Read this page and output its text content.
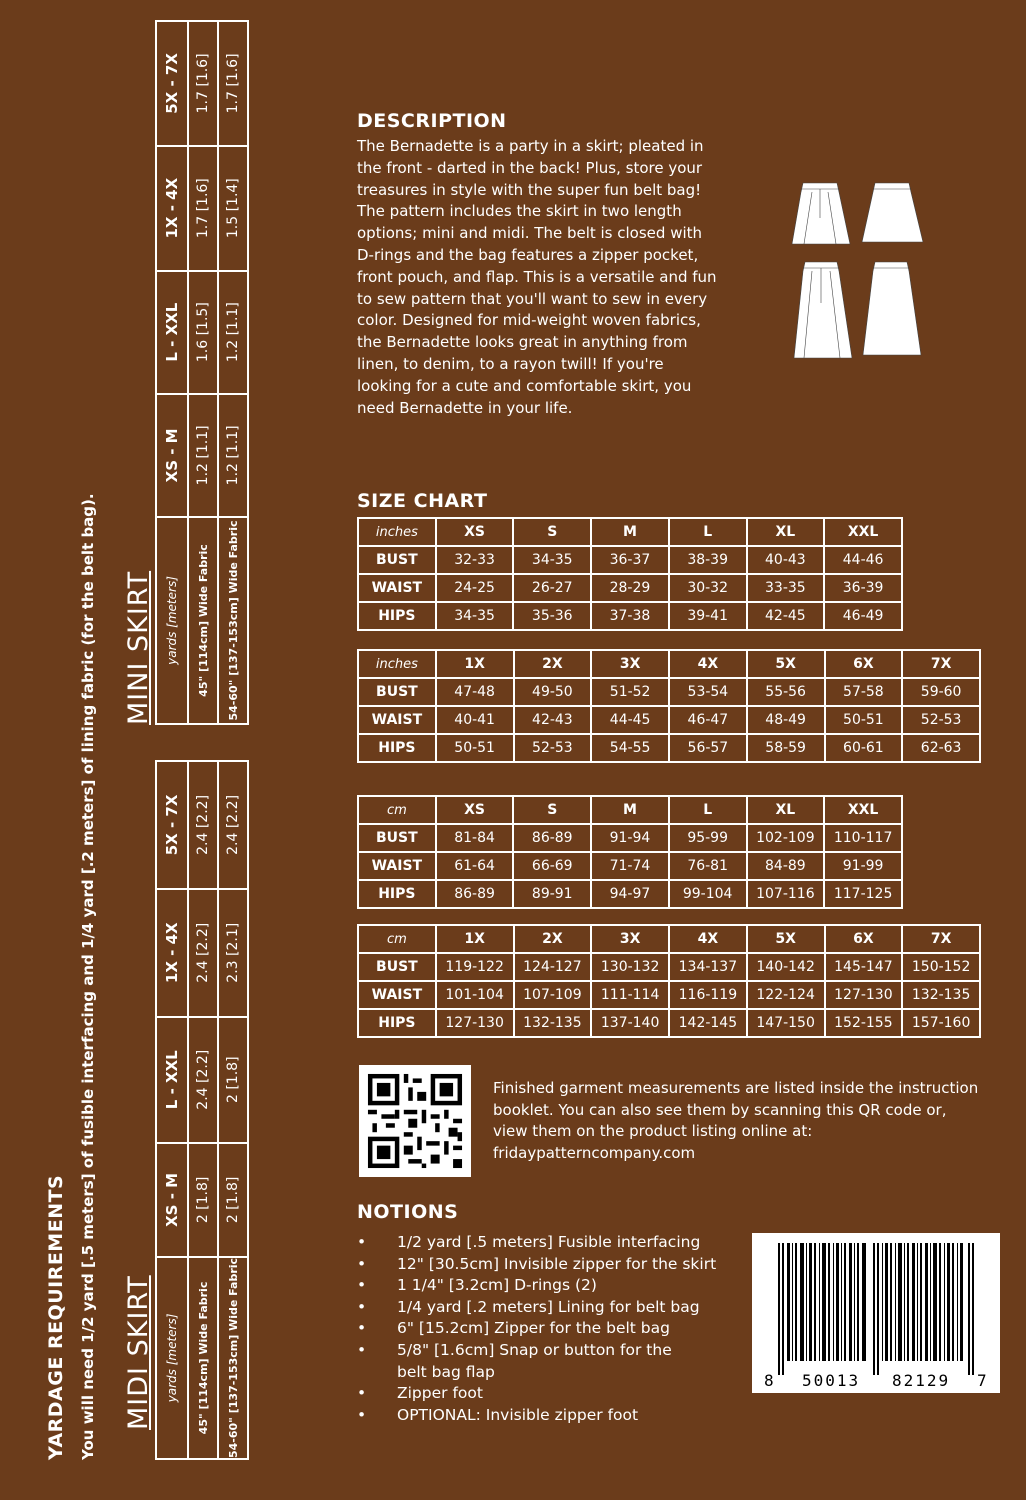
MIDI SKIRT yards [meters]	XS - M	L - XXL	1X - 4X	5X - 7X
45" [114cm] Wide Fabric	2 [1.8]	2.4 [2.2]	2.4 [2.2]	2.4 [2.2]
54-60" [137-153cm] Wide Fabric	2 [1.8]	2 [1.8]	2.3 [2.1]	2.4 [2.2]
MINI SKIRT yards [meters]	XS - M	L - XXL	1X - 4X	5X - 7X
45" [114cm] Wide Fabric	1.2 [1.1]	1.6 [1.5]	1.7 [1.6]	1.7 [1.6]
54-60" [137-153cm] Wide Fabric	1.2 [1.1]	1.2 [1.1]	1.5 [1.4]	1.7 [1.6]
YARDAGE REQUIREMENTS You will need 1/2 yard [.5 meters] of fusible interfacing and 1/4 yard [.2 meters] of lining fabric (for the belt bag).
DESCRIPTION
The Bernadette is a party in a skirt; pleated in the front - darted in the back! Plus, store your treasures in style with the super fun belt bag! The pattern includes the skirt in two length options; mini and midi. The belt is closed with D-rings and the bag features a zipper pocket, front pouch, and flap. This is a versatile and fun to sew pattern that you'll want to sew in every color. Designed for mid-weight woven fabrics, the Bernadette looks great in anything from linen, to denim, to a rayon twill! If you're looking for a cute and comfortable skirt, you need Bernadette in your life.
SIZE CHART
inches	XS	S	M	L	XL	XXL
BUST	32-33	34-35	36-37	38-39	40-43	44-46
WAIST	24-25	26-27	28-29	30-32	33-35	36-39
HIPS	34-35	35-36	37-38	39-41	42-45	46-49
inches	1X	2X	3X	4X	5X	6X	7X
BUST	47-48	49-50	51-52	53-54	55-56	57-58	59-60
WAIST	40-41	42-43	44-45	46-47	48-49	50-51	52-53
HIPS	50-51	52-53	54-55	56-57	58-59	60-61	62-63
cm	XS	S	M	L	XL	XXL
BUST	81-84	86-89	91-94	95-99	102-109	110-117
WAIST	61-64	66-69	71-74	76-81	84-89	91-99
HIPS	86-89	89-91	94-97	99-104	107-116	117-125
cm	1X	2X	3X	4X	5X	6X	7X
BUST	119-122	124-127	130-132	134-137	140-142	145-147	150-152
WAIST	101-104	107-109	111-114	116-119	122-124	127-130	132-135
HIPS	127-130	132-135	137-140	142-145	147-150	152-155	157-160
Finished garment measurements are listed inside the instruction booklet. You can also see them by scanning this QR code or, view them on the product listing online at: fridaypatterncompany.com
NOTIONS
• 1/2 yard [.5 meters] Fusible interfacing
• 12" [30.5cm] Invisible zipper for the skirt
• 1 1/4" [3.2cm] D-rings (2)
• 1/4 yard [.2 meters] Lining for belt bag
• 6" [15.2cm] Zipper for the belt bag
• 5/8" [1.6cm] Snap or button for the belt bag flap
• Zipper foot
• OPTIONAL: Invisible zipper foot
8 50013 82129 7
